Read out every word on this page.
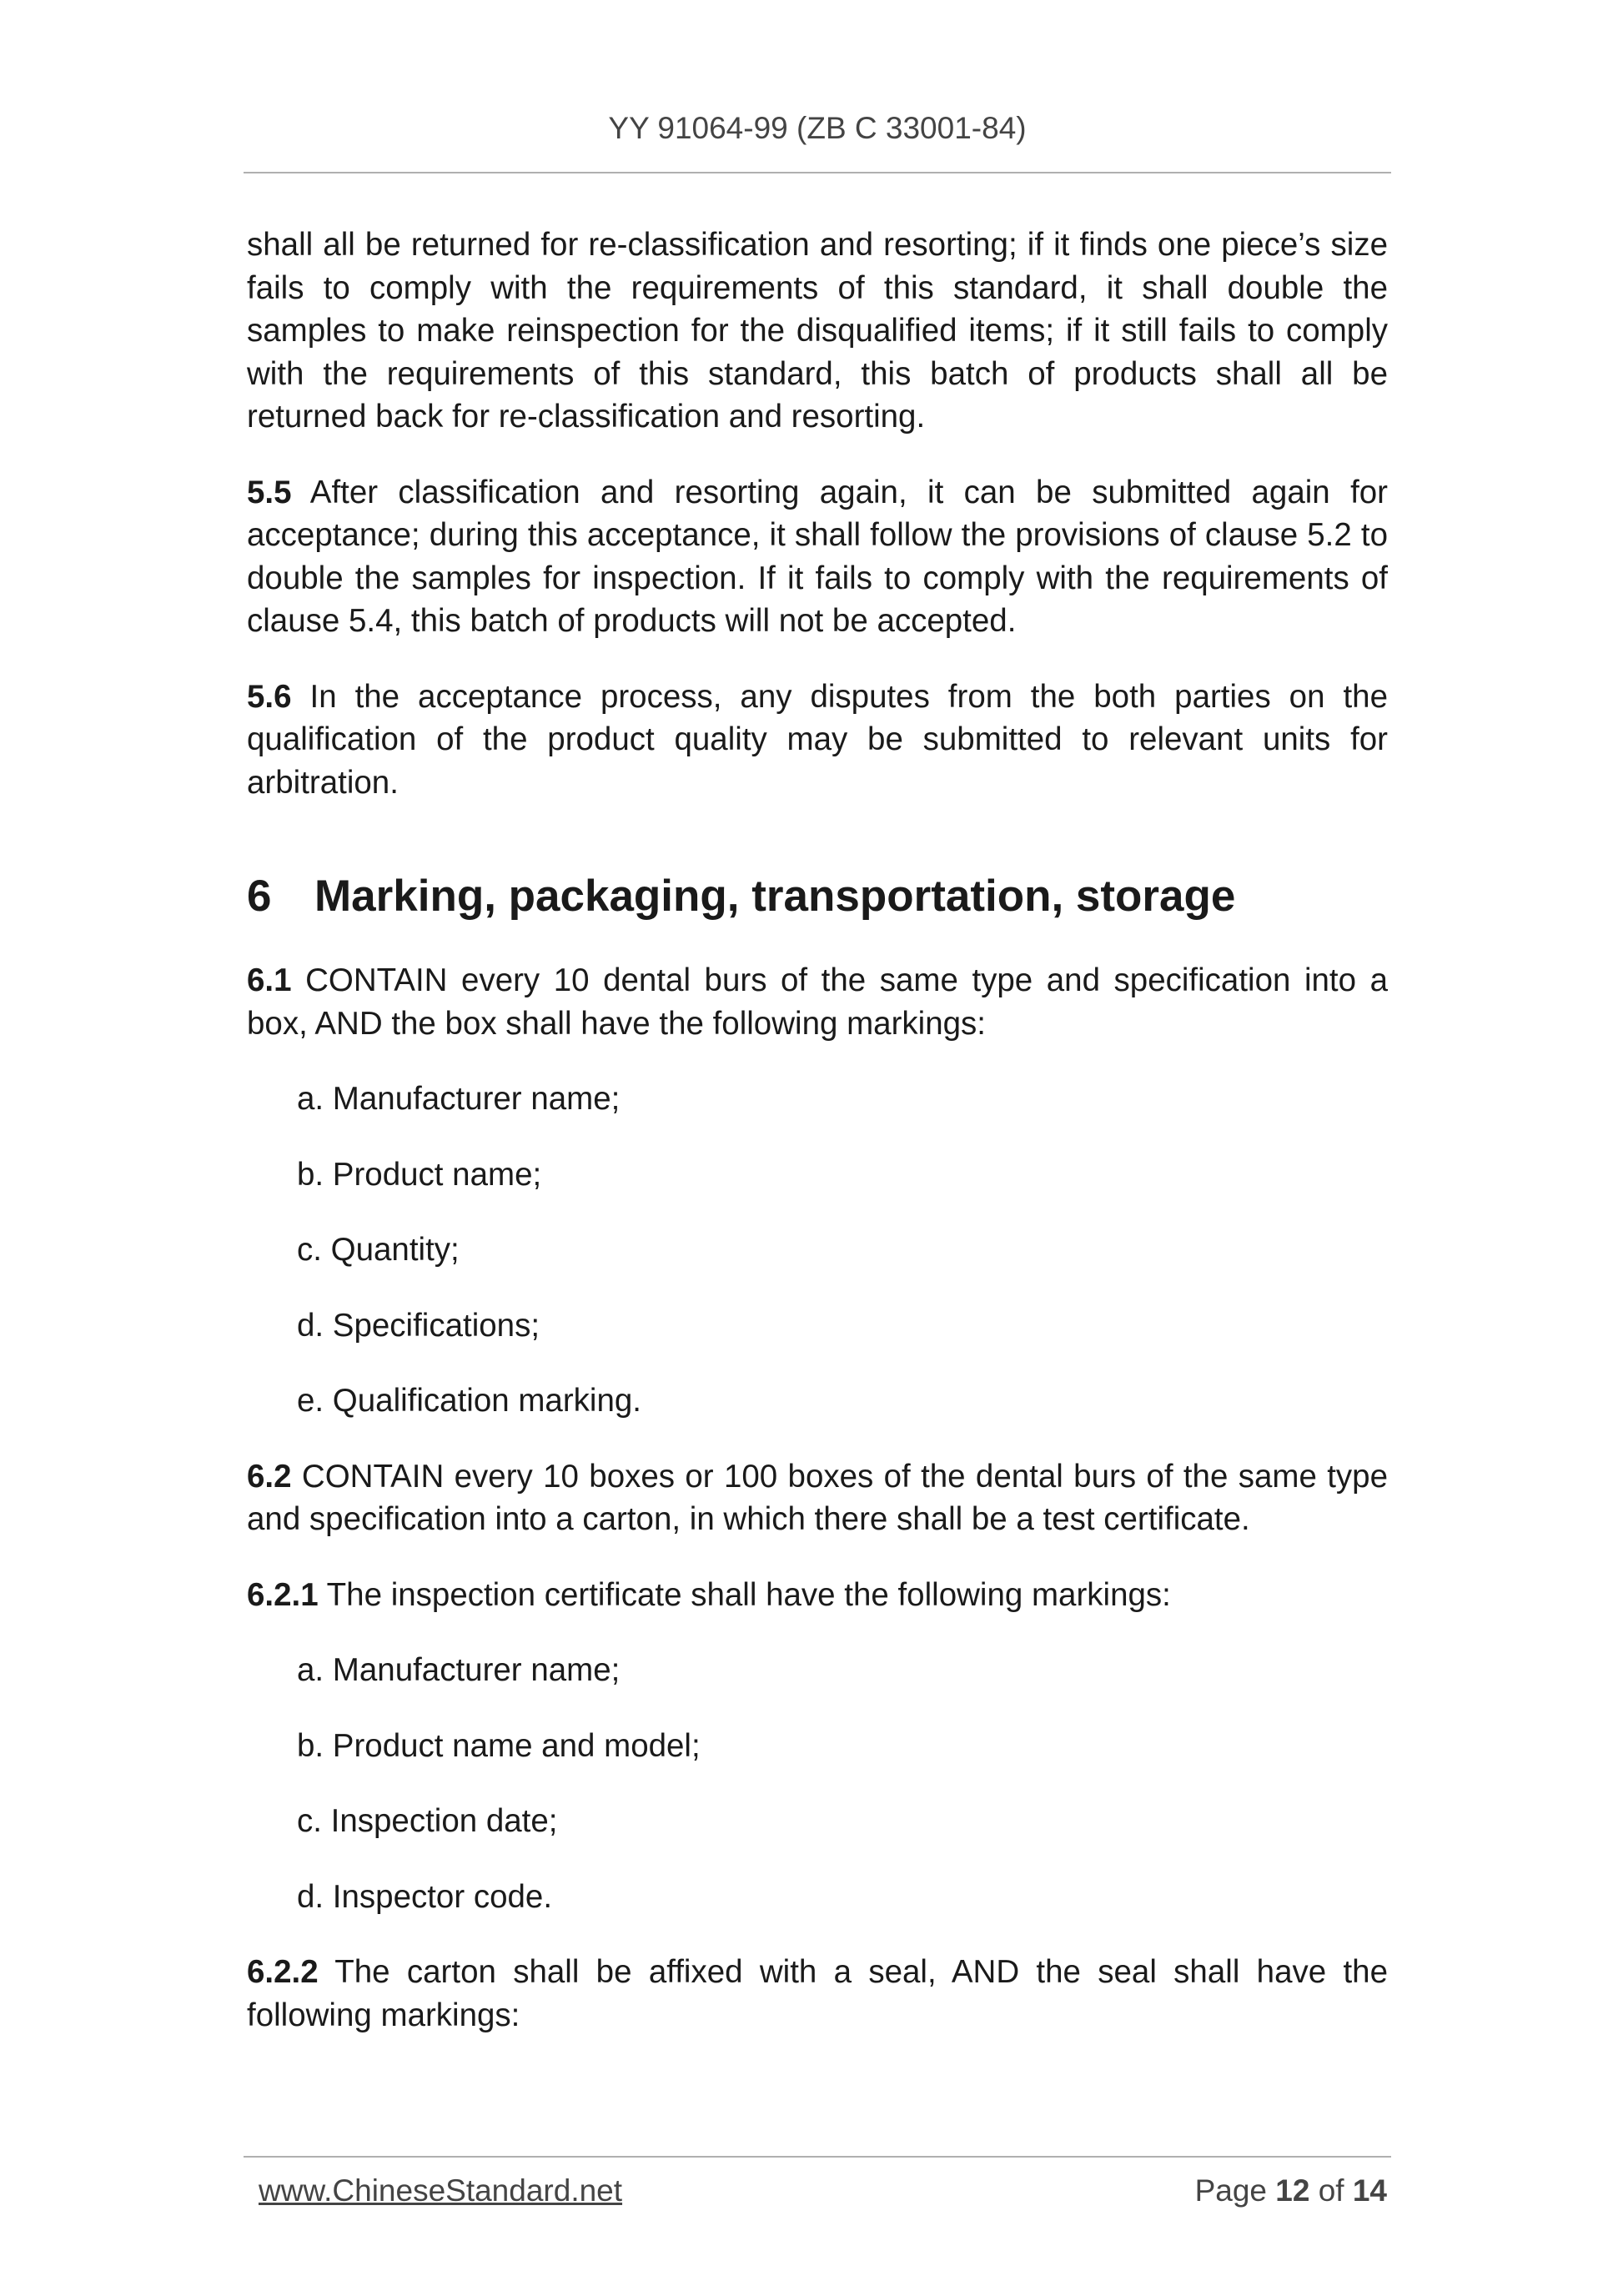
YY 91064-99 (ZB C 33001-84)

shall all be returned for re-classification and resorting; if it finds one piece’s size fails to comply with the requirements of this standard, it shall double the samples to make reinspection for the disqualified items; if it still fails to comply with the requirements of this standard, this batch of products shall all be returned back for re-classification and resorting.

5.5 After classification and resorting again, it can be submitted again for acceptance; during this acceptance, it shall follow the provisions of clause 5.2 to double the samples for inspection. If it fails to comply with the requirements of clause 5.4, this batch of products will not be accepted.

5.6 In the acceptance process, any disputes from the both parties on the qualification of the product quality may be submitted to relevant units for arbitration.

6 Marking, packaging, transportation, storage

6.1 CONTAIN every 10 dental burs of the same type and specification into a box, AND the box shall have the following markings:

a. Manufacturer name;
b. Product name;
c. Quantity;
d. Specifications;
e. Qualification marking.

6.2 CONTAIN every 10 boxes or 100 boxes of the dental burs of the same type and specification into a carton, in which there shall be a test certificate.

6.2.1 The inspection certificate shall have the following markings:

a. Manufacturer name;
b. Product name and model;
c. Inspection date;
d. Inspector code.

6.2.2 The carton shall be affixed with a seal, AND the seal shall have the following markings:

www.ChineseStandard.net	Page 12 of 14
